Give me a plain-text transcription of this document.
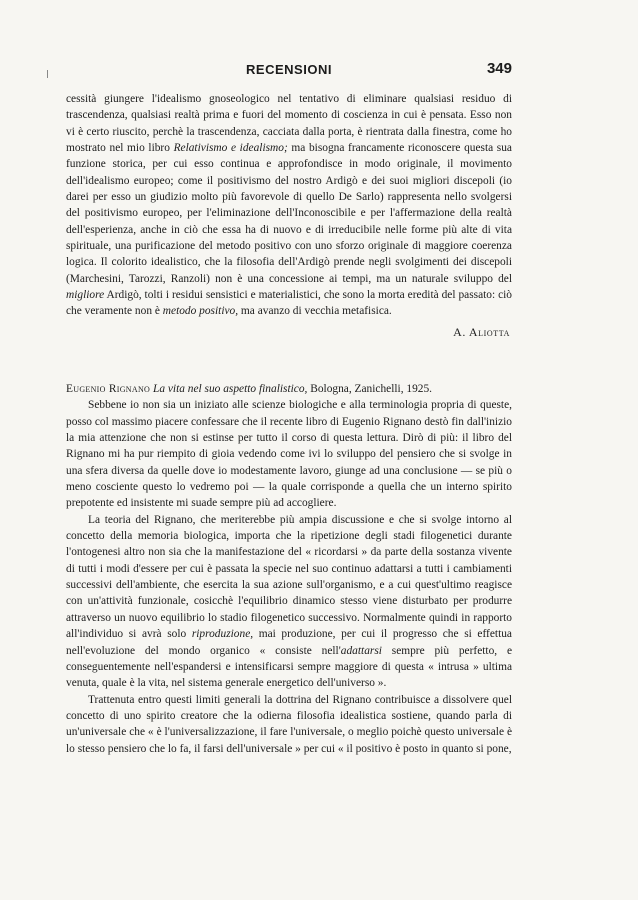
RECENSIONI	349

cessità giungere l'idealismo gnoseologico nel tentativo di eliminare qualsiasi residuo di trascendenza, qualsiasi realtà prima e fuori del momento di coscienza in cui è pensata. Esso non vi è certo riuscito, perchè la trascendenza, cacciata dalla porta, è rientrata dalla finestra, come ho mostrato nel mio libro Relativismo e idealismo; ma bisogna francamente riconoscere questa sua funzione storica, per cui esso continua e approfondisce in modo originale, il movimento dell'idealismo europeo; come il positivismo del nostro Ardigò e dei suoi migliori discepoli (io darei per esso un giudizio molto più favorevole di quello De Sarlo) rappresenta nello svolgersi del positivismo europeo, per l'eliminazione dell'Inconoscibile e per l'affermazione della realtà dell'esperienza, anche in ciò che essa ha di nuovo e di irreducibile nelle forme più alte di vita spirituale, una purificazione del metodo positivo con uno sforzo originale di maggiore coerenza logica. Il colorito idealistico, che la filosofia dell'Ardigò prende negli svolgimenti dei discepoli (Marchesini, Tarozzi, Ranzoli) non è una concessione ai tempi, ma un naturale sviluppo del migliore Ardigò, tolti i residui sensistici e materialistici, che sono la morta eredità del passato: ciò che veramente non è metodo positivo, ma avanzo di vecchia metafisica.

A. Aliotta

Eugenio Rignano La vita nel suo aspetto finalistico, Bologna, Zanichelli, 1925.

Sebbene io non sia un iniziato alle scienze biologiche e alla terminologia propria di queste, posso col massimo piacere confessare che il recente libro di Eugenio Rignano destò fin dall'inizio la mia attenzione che non si estinse per tutto il corso di questa lettura. Dirò di più: il libro del Rignano mi ha pur riempito di gioia vedendo come ivi lo sviluppo del pensiero che si svolge in una sfera diversa da quelle dove io modestamente lavoro, giunge ad una conclusione — se più o meno cosciente questo lo vedremo poi — la quale corrisponde a quella che un interno spirito prepotente ed insistente mi suade sempre più ad accogliere.

La teoria del Rignano, che meriterebbe più ampia discussione e che si svolge intorno al concetto della memoria biologica, importa che la ripetizione degli stadi filogenetici durante l'ontogenesi altro non sia che la manifestazione del « ricordarsi » da parte della sostanza vivente di tutti i modi d'essere per cui è passata la specie nel suo continuo adattarsi a tutti i cambiamenti successivi dell'ambiente, che esercita la sua azione sull'organismo, e a cui quest'ultimo reagisce con un'attività funzionale, cosicchè l'equilibrio dinamico stesso viene disturbato per produrre attraverso un nuovo equilibrio lo stadio filogenetico successivo. Normalmente quindi in rapporto all'individuo si avrà solo riproduzione, mai produzione, per cui il progresso che si effettua nell'evoluzione del mondo organico « consiste nell'adattarsi sempre più perfetto, e conseguentemente nell'espandersi e intensificarsi sempre maggiore di questa « intrusa » ultima venuta, quale è la vita, nel sistema generale energetico dell'universo ».

Trattenuta entro questi limiti generali la dottrina del Rignano contribuisce a dissolvere quel concetto di uno spirito creatore che la odierna filosofia idealistica sostiene, quando parla di un'universale che « è l'universalizzazione, il fare l'universale, o meglio poichè questo universale è lo stesso pensiero che lo fa, il farsi dell'universale » per cui « il positivo è posto in quanto si pone,
